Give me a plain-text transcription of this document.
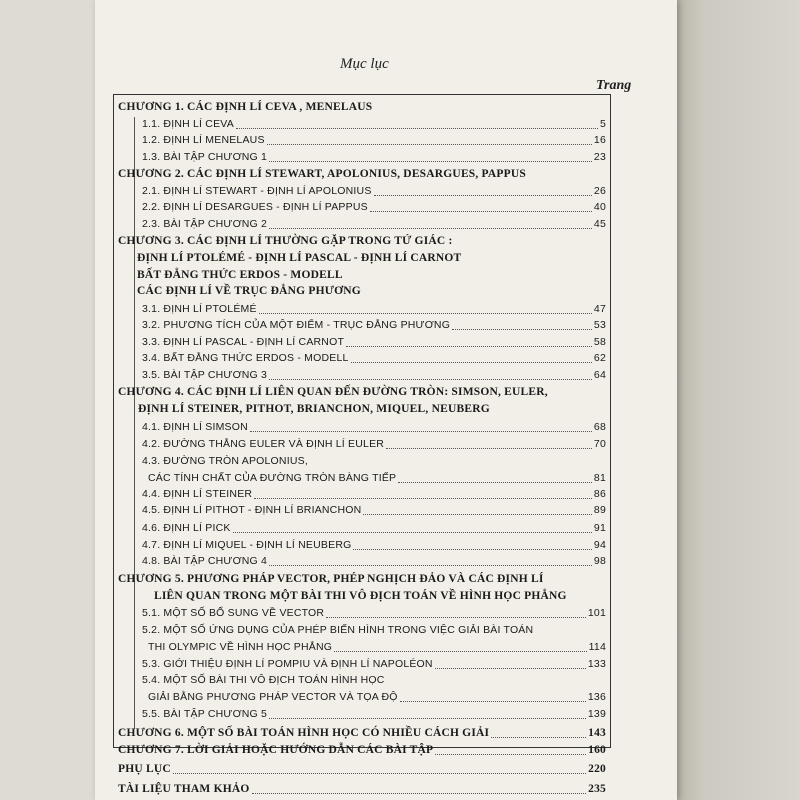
Mục lục
Trang
CHƯƠNG 1. CÁC ĐỊNH LÍ CEVA , MENELAUS
1.1. ĐỊNH LÍ CEVA	5
1.2. ĐỊNH LÍ MENELAUS	16
1.3. BÀI TẬP CHƯƠNG 1	23
CHƯƠNG 2. CÁC ĐỊNH LÍ STEWART, APOLONIUS, DESARGUES, PAPPUS
2.1. ĐỊNH LÍ STEWART - ĐỊNH LÍ APOLONIUS	26
2.2. ĐỊNH LÍ DESARGUES - ĐỊNH LÍ PAPPUS	40
2.3. BÀI TẬP CHƯƠNG 2	45
CHƯƠNG 3. CÁC ĐỊNH LÍ THƯỜNG GẶP TRONG TỨ GIÁC :
ĐỊNH LÍ PTOLÉMÉ - ĐỊNH LÍ PASCAL - ĐỊNH LÍ CARNOT
BẤT ĐẲNG THỨC ERDOS - MODELL
CÁC ĐỊNH LÍ VỀ TRỤC ĐẲNG PHƯƠNG
3.1. ĐỊNH LÍ PTOLÉMÉ	47
3.2. PHƯƠNG TÍCH CỦA MỘT ĐIỂM - TRỤC ĐẲNG PHƯƠNG	53
3.3. ĐỊNH LÍ PASCAL - ĐỊNH LÍ CARNOT	58
3.4. BẤT ĐẲNG THỨC ERDOS - MODELL	62
3.5. BÀI TẬP CHƯƠNG 3	64
CHƯƠNG 4. CÁC ĐỊNH LÍ LIÊN QUAN ĐẾN ĐƯỜNG TRÒN: SIMSON, EULER,
ĐỊNH LÍ STEINER, PITHOT, BRIANCHON, MIQUEL, NEUBERG
4.1. ĐỊNH LÍ SIMSON	68
4.2. ĐƯỜNG THẲNG EULER VÀ ĐỊNH LÍ EULER	70
4.3. ĐƯỜNG TRÒN APOLONIUS,
CÁC TÍNH CHẤT CỦA ĐƯỜNG TRÒN BÀNG TIẾP	81
4.4. ĐỊNH LÍ STEINER	86
4.5. ĐỊNH LÍ PITHOT - ĐỊNH LÍ BRIANCHON	89
4.6. ĐỊNH LÍ PICK	91
4.7. ĐỊNH LÍ MIQUEL - ĐỊNH LÍ NEUBERG	94
4.8. BÀI TẬP CHƯƠNG 4	98
CHƯƠNG 5. PHƯƠNG PHÁP VECTOR, PHÉP NGHỊCH ĐẢO VÀ CÁC ĐỊNH LÍ
LIÊN QUAN TRONG MỘT BÀI THI VÔ ĐỊCH TOÁN VỀ HÌNH HỌC PHẲNG
5.1. MỘT SỐ BỔ SUNG VỀ VECTOR	101
5.2. MỘT SỐ ỨNG DỤNG CỦA PHÉP BIẾN HÌNH TRONG VIỆC GIẢI BÀI TOÁN
THI OLYMPIC VỀ HÌNH HỌC PHẲNG	114
5.3. GIỚI THIỆU ĐỊNH LÍ POMPIU VÀ ĐỊNH LÍ NAPOLÉON	133
5.4. MỘT SỐ BÀI THI VÔ ĐỊCH TOÁN HÌNH HỌC
GIẢI BẰNG PHƯƠNG PHÁP VECTOR VÀ TỌA ĐỘ	136
5.5. BÀI TẬP CHƯƠNG 5	139
CHƯƠNG 6. MỘT SỐ BÀI TOÁN HÌNH HỌC CÓ NHIỀU CÁCH GIẢI	143
CHƯƠNG 7. LỜI GIẢI HOẶC HƯỚNG DẪN CÁC BÀI TẬP	160
PHỤ LỤC	220
TÀI LIỆU THAM KHẢO	235
